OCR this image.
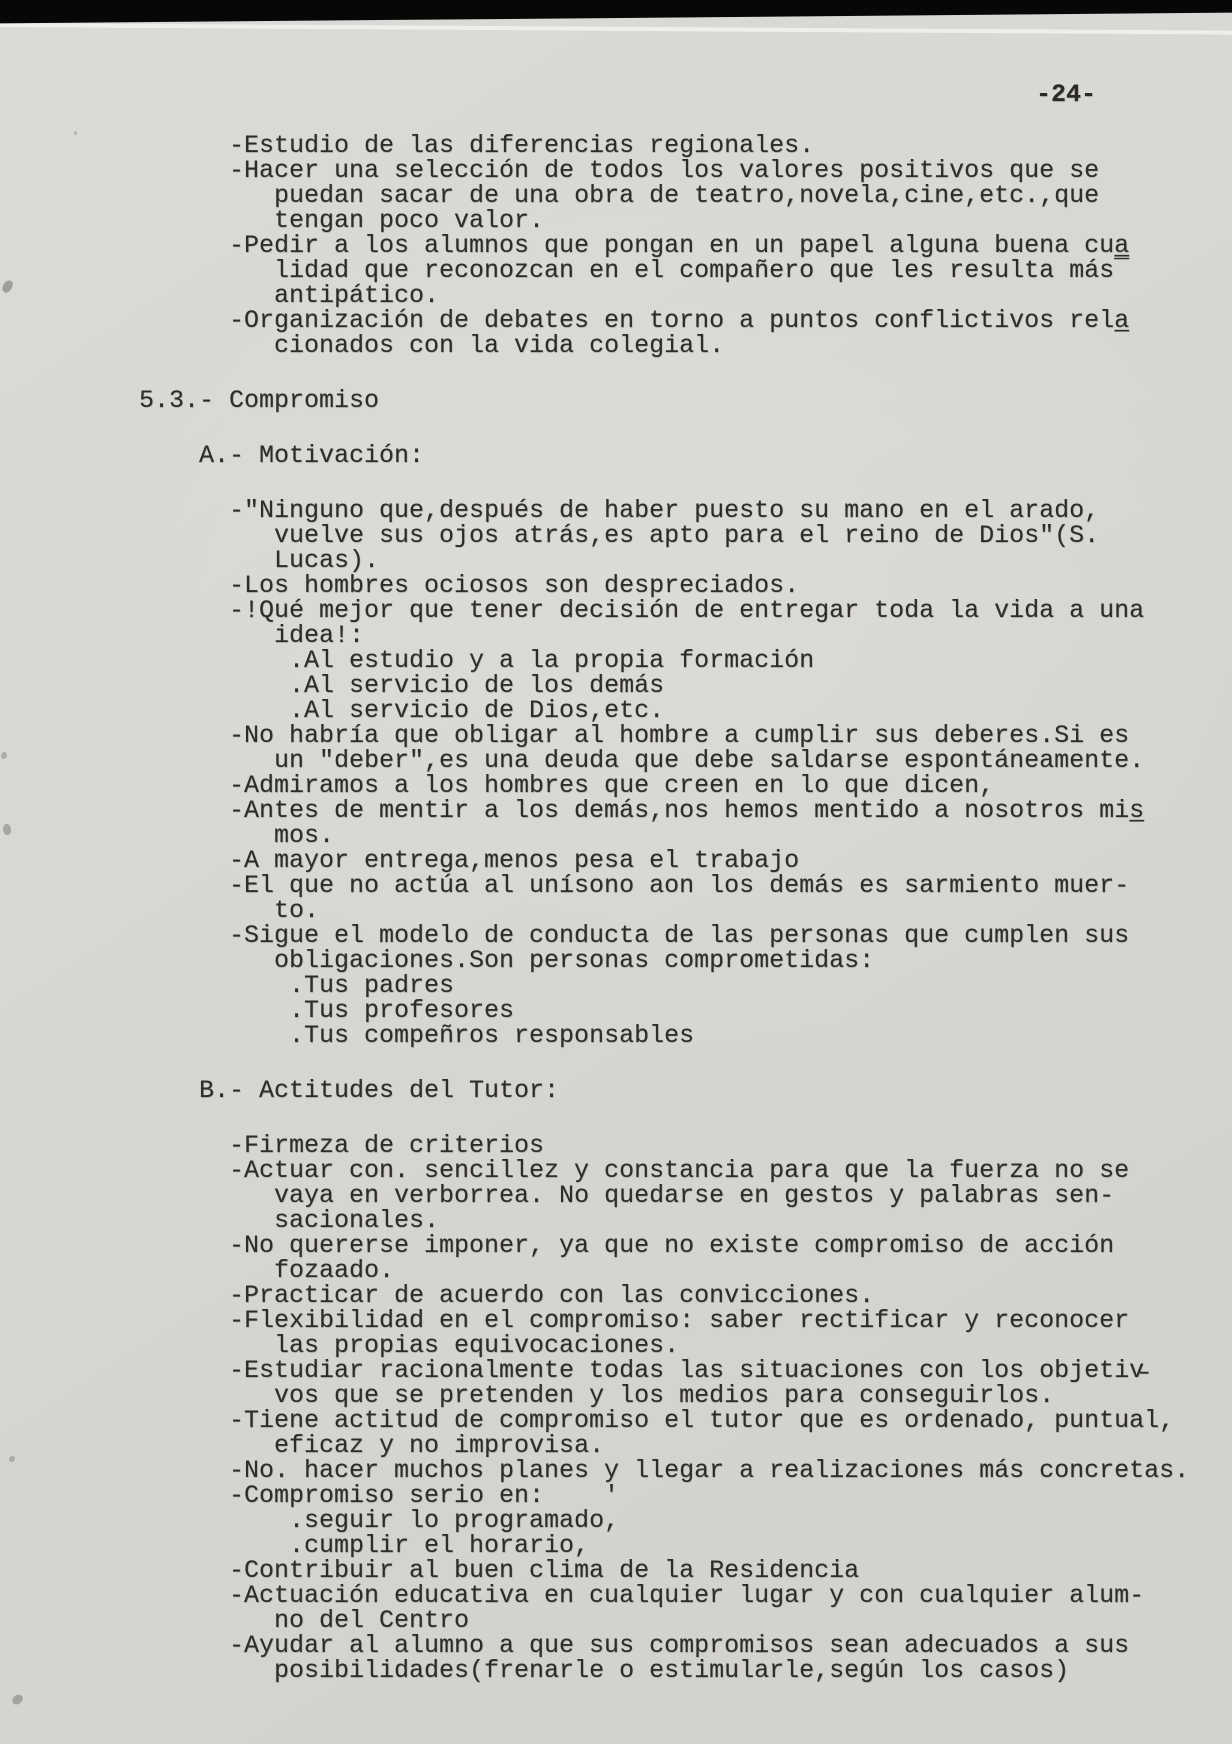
-24-
-Estudio de las diferencias regionales.
-Hacer una selección de todos los valores positivos que se
puedan sacar de una obra de teatro,novela,cine,etc.,que
tengan poco valor.
-Pedir a los alumnos que pongan en un papel alguna buena cua̲
lidad que reconozcan en el compañero que les resulta más‾
antipático.
-Organización de debates en torno a puntos conflictivos rela̲
cionados con la vida colegial.
5.3.- Compromiso
A.- Motivación:
-"Ninguno que,después de haber puesto su mano en el arado,
vuelve sus ojos atrás,es apto para el reino de Dios"(S.
Lucas).
-Los hombres ociosos son despreciados.
-!Qué mejor que tener decisión de entregar toda la vida a una
idea!:
.Al estudio y a la propia formación
.Al servicio de los demás
.Al servicio de Dios,etc.
-No habría que obligar al hombre a cumplir sus deberes.Si es
un "deber",es una deuda que debe saldarse espontáneamente.
-Admiramos a los hombres que creen en lo que dicen,
-Antes de mentir a los demás,nos hemos mentido a nosotros mis̲
mos.
-A mayor entrega,menos pesa el trabajo
-El que no actúa al unísono aon los demás es sarmiento muer-
to.
-Sigue el modelo de conducta de las personas que cumplen sus
obligaciones.Son personas comprometidas:
.Tus padres
.Tus profesores
.Tus compeñros responsables
B.- Actitudes del Tutor:
-Firmeza de criterios
-Actuar con. sencillez y constancia para que la fuerza no se
vaya en verborrea. No quedarse en gestos y palabras sen-
sacionales.
-No quererse imponer, ya que no existe compromiso de acción
fozaado.
-Practicar de acuerdo con las convicciones.
-Flexibilidad en el compromiso: saber rectificar y reconocer
las propias equivocaciones.
-Estudiar racionalmente todas las situaciones con los objetiv̵
vos que se pretenden y los medios para conseguirlos.
-Tiene actitud de compromiso el tutor que es ordenado, puntual,
eficaz y no improvisa.
-No. hacer muchos planes y llegar a realizaciones más concretas.
-Compromiso serio en:    '
.seguir lo programado,
.cumplir el horario,
-Contribuir al buen clima de la Residencia
-Actuación educativa en cualquier lugar y con cualquier alum-
no del Centro
-Ayudar al alumno a que sus compromisos sean adecuados a sus
posibilidades(frenarle o estimularle,según los casos)
